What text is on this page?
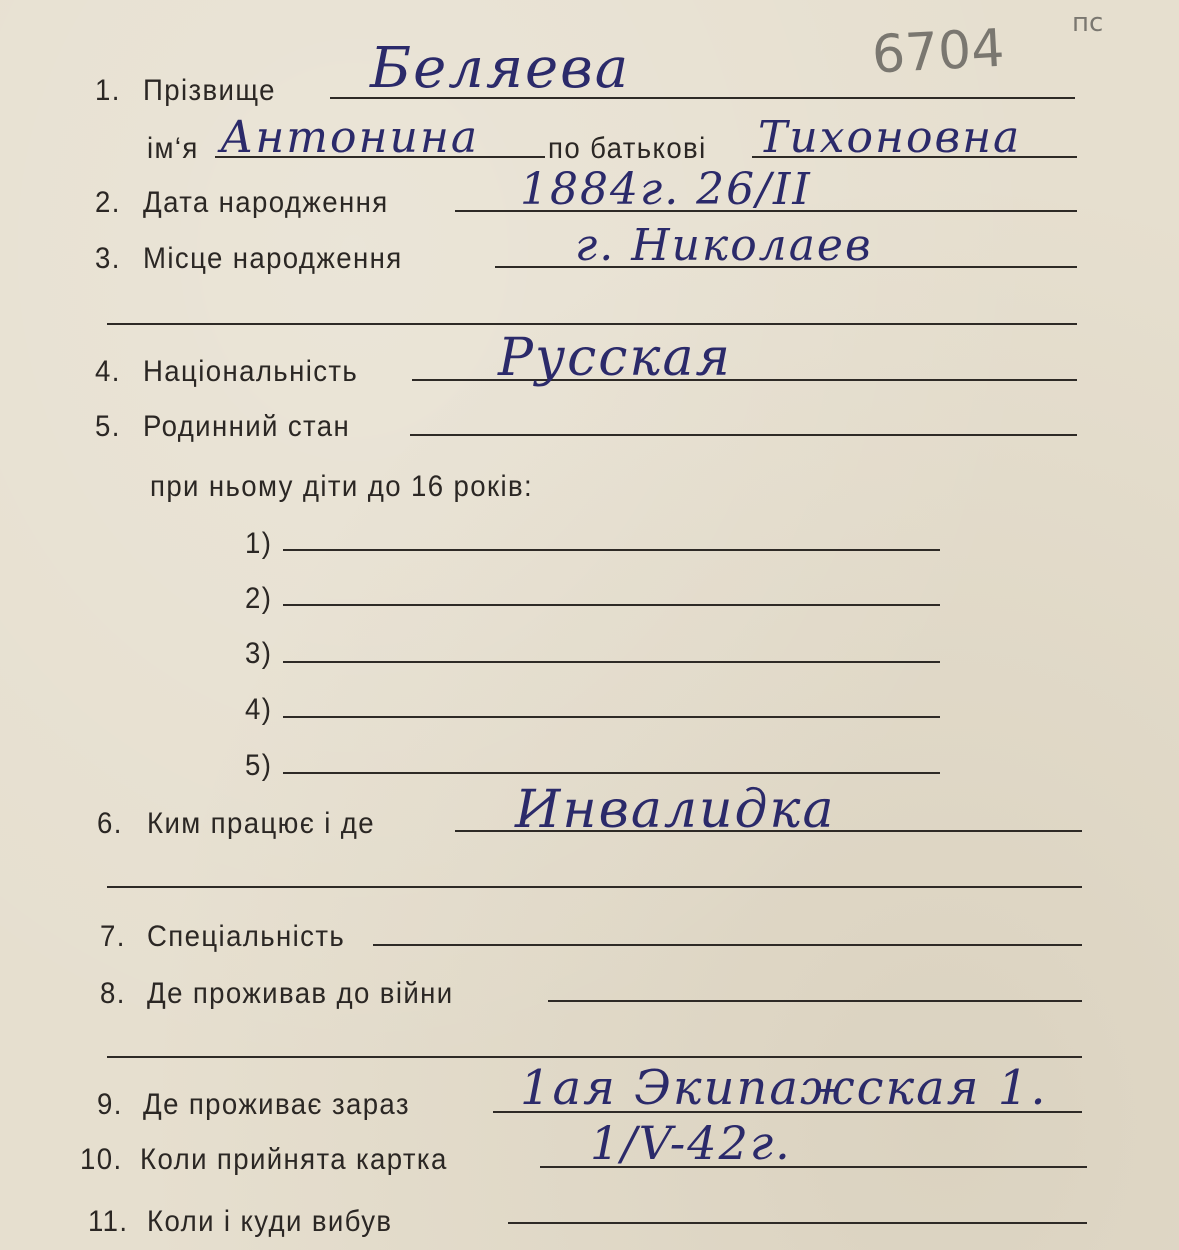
6704	пс
1. Прізвище Беляева
ім‘я Антонина по батькові Тихоновна
2. Дата народження	1884г. 26/II
3. Місце народження	г. Николаев
4. Національність	Русская
5. Родинний стан
при ньому діти до 16 років:
1)
2)
3)
4)
5)
6. Ким працює і де	Инвалидка
7. Спеціальність
8. Де проживав до війни
9. Де проживає зараз 1ая Экипажская 1.
10. Коли прийнята картка	1/V-42г.
11. Коли і куди вибув
